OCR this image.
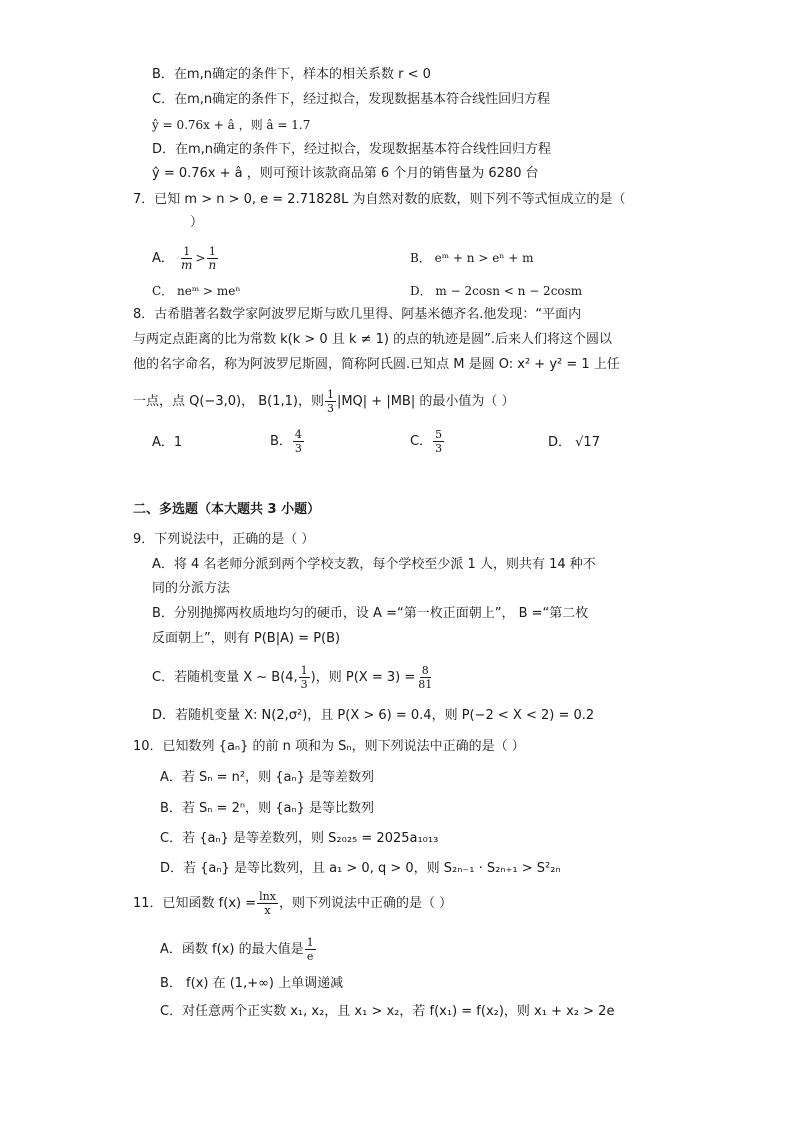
B．在m,n确定的条件下，样本的相关系数 r < 0
C．在m,n确定的条件下，经过拟合，发现数据基本符合线性回归方程
ŷ = 0.76x + â ，则 â = 1.7
D．在m,n确定的条件下，经过拟合，发现数据基本符合线性回归方程
ŷ = 0.76x + â ，则可预计该款商品第 6 个月的销售量为 6280 台
7．已知 m > n > 0, e = 2.71828L 为自然对数的底数，则下列不等式恒成立的是（
）
A． $\frac{1}{m} > \frac{1}{n}$	B． eᵐ + n > eⁿ + m
C． neᵐ > meⁿ	D． m − 2cosn < n − 2cosm
8．古希腊著名数学家阿波罗尼斯与欧几里得、阿基米德齐名.他发现：“平面内
与两定点距离的比为常数 k(k > 0 且 k ≠ 1) 的点的轨迹是圆”.后来人们将这个圆以
他的名字命名，称为阿波罗尼斯圆，简称阿氏圆.已知点 M 是圆 O: x² + y² = 1 上任
一点，点 Q(−3,0)， B(1,1)，则 $\frac{1}{3} |MQ| + |MB|$ 的最小值为（ ）
A．1	B． $\frac{4}{3}$	C． $\frac{5}{3}$	D． √17
二、多选题（本大题共 3 小题）
9．下列说法中，正确的是（ ）
A．将 4 名老师分派到两个学校支教，每个学校至少派 1 人，则共有 14 种不
同的分派方法
B．分别抛掷两枚质地均匀的硬币，设 A =“第一枚正面朝上”， B =“第二枚
反面朝上”，则有 P(B|A) = P(B)
C．若随机变量 X ~ B(4, $\frac{1}{3}$ )，则 $P(X = 3) = \frac{8}{81}$
D．若随机变量 X: N(2,σ²)，且 P(X > 6) = 0.4，则 P(−2 < X < 2) = 0.2
10．已知数列 {aₙ} 的前 n 项和为 Sₙ，则下列说法中正确的是（ ）
A．若 Sₙ = n²，则 {aₙ} 是等差数列
B．若 Sₙ = 2ⁿ，则 {aₙ} 是等比数列
C．若 {aₙ} 是等差数列，则 S₂₀₂₅ = 2025a₁₀₁₃
D．若 {aₙ} 是等比数列，且 a₁ > 0, q > 0，则 S₂ₙ₋₁ · S₂ₙ₊₁ > S²₂ₙ
11．已知函数 $f(x) = \frac{\ln x}{x}$ ，则下列说法中正确的是（ ）
A．函数 f(x) 的最大值是 $\frac{1}{e}$
B． f(x) 在 (1,+∞) 上单调递减
C．对任意两个正实数 x₁, x₂，且 x₁ > x₂，若 f(x₁) = f(x₂)，则 x₁ + x₂ > 2e
